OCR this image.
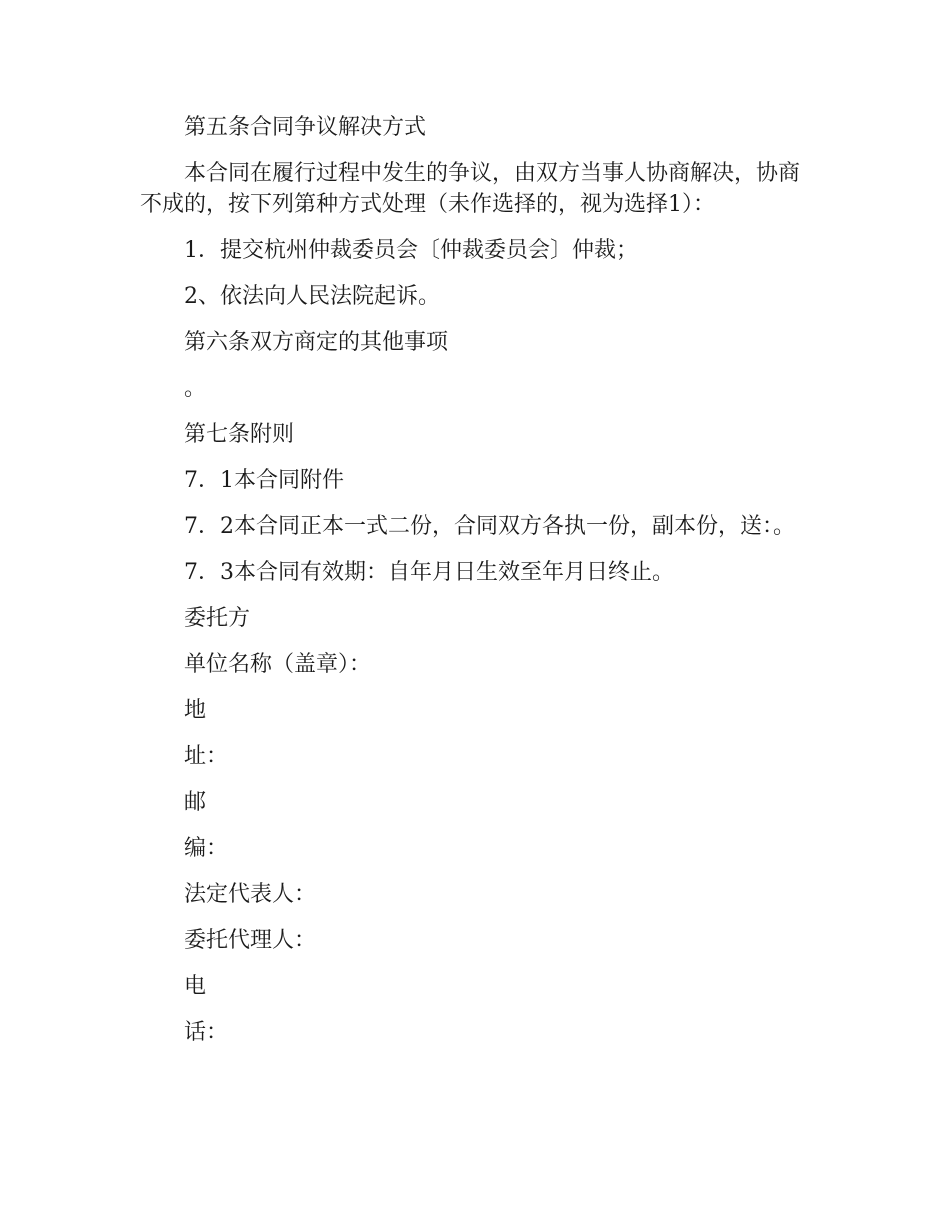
第五条合同争议解决方式

本合同在履行过程中发生的争议，由双方当事人协商解决，协商不成的，按下列第种方式处理（未作选择的，视为选择1）：

1．提交杭州仲裁委员会〔仲裁委员会〕仲裁；

2、依法向人民法院起诉。

第六条双方商定的其他事项

。

第七条附则

7．1本合同附件

7．2本合同正本一式二份，合同双方各执一份，副本份，送：。

7．3本合同有效期：自年月日生效至年月日终止。

委托方

单位名称（盖章）：

地

址：

邮

编：

法定代表人：

委托代理人：

电

话：
